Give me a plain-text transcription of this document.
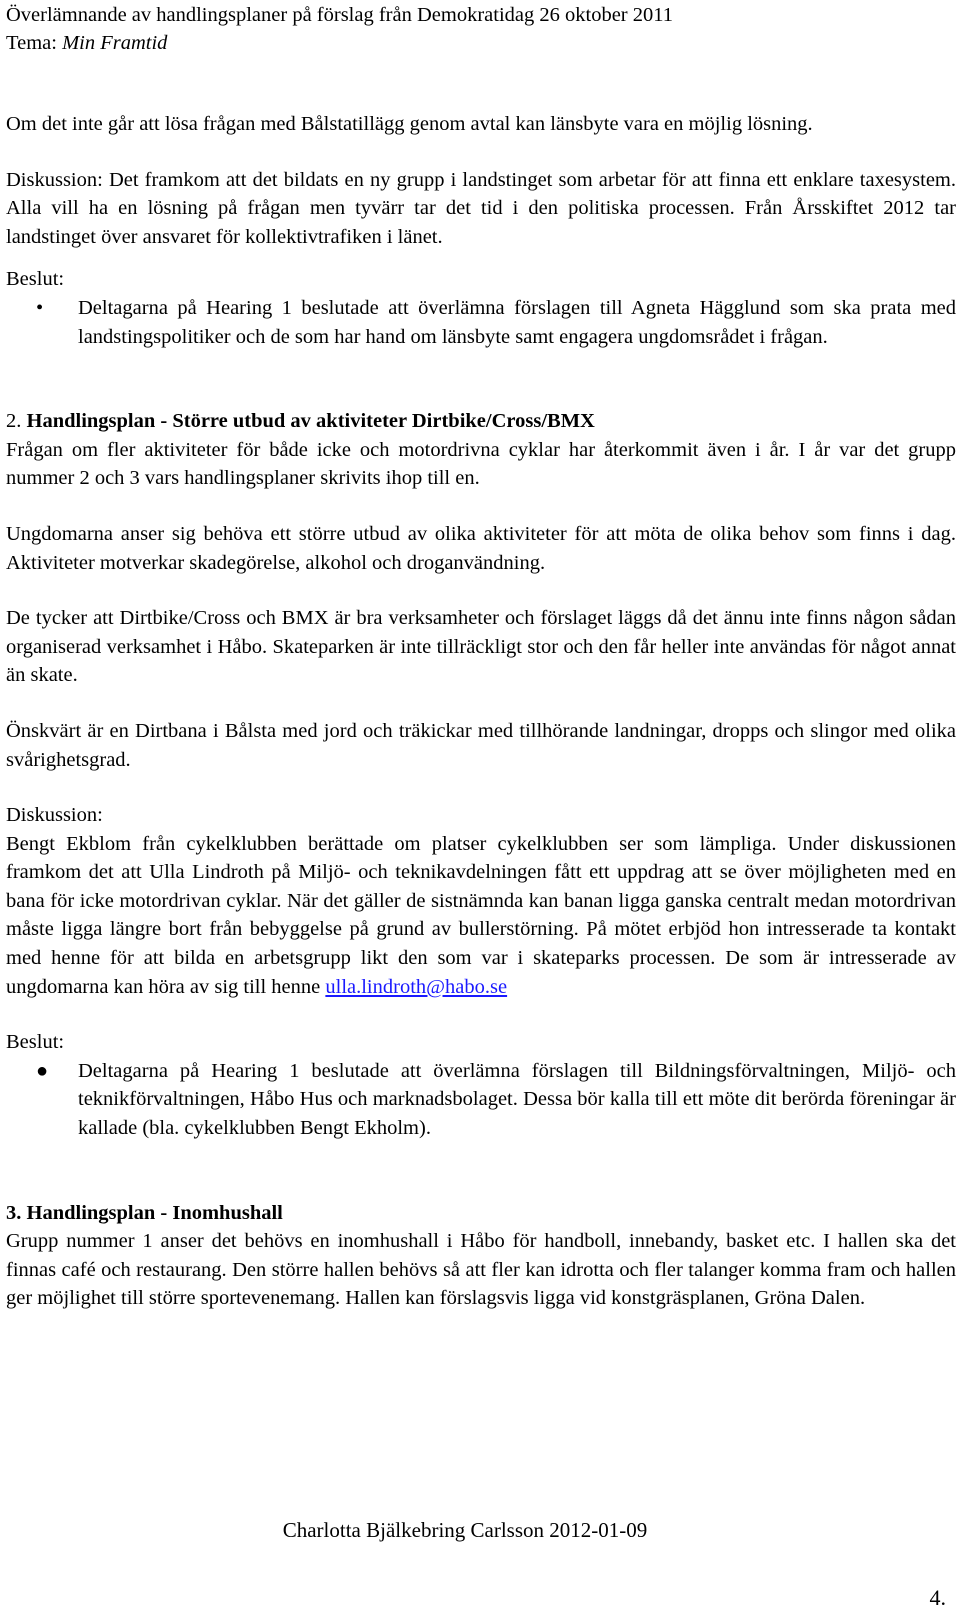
Överlämnande av handlingsplaner på förslag från Demokratidag 26 oktober 2011
Tema: Min Framtid

Om det inte går att lösa frågan med Bålstatillägg genom avtal kan länsbyte vara en möjlig lösning.

Diskussion: Det framkom att det bildats en ny grupp i landstinget som arbetar för att finna ett enklare taxesystem. Alla vill ha en lösning på frågan men tyvärr tar det tid i den politiska processen. Från Årsskiftet 2012 tar landstinget över ansvaret för kollektivtrafiken i länet.

Beslut:
• Deltagarna på Hearing 1 beslutade att överlämna förslagen till Agneta Hägglund som ska prata med landstingspolitiker och de som har hand om länsbyte samt engagera ungdomsrådet i frågan.
2. Handlingsplan - Större utbud av aktiviteter Dirtbike/Cross/BMX

Frågan om fler aktiviteter för både icke och motordrivna cyklar har återkommit även i år. I år var det grupp nummer 2 och 3 vars handlingsplaner skrivits ihop till en.

Ungdomarna anser sig behöva ett större utbud av olika aktiviteter för att möta de olika behov som finns i dag. Aktiviteter motverkar skadegörelse, alkohol och droganvändning.

De tycker att Dirtbike/Cross och BMX är bra verksamheter och förslaget läggs då det ännu inte finns någon sådan organiserad verksamhet i Håbo. Skateparken är inte tillräckligt stor och den får heller inte användas för något annat än skate.

Önskvärt är en Dirtbana i Bålsta med jord och träkickar med tillhörande landningar, dropps och slingor med olika svårighetsgrad.

Diskussion:

Bengt Ekblom från cykelklubben berättade om platser cykelklubben ser som lämpliga. Under diskussionen framkom det att Ulla Lindroth på Miljö- och teknikavdelningen fått ett uppdrag att se över möjligheten med en bana för icke motordrivan cyklar. När det gäller de sistnämnda kan banan ligga ganska centralt medan motordrivan måste ligga längre bort från bebyggelse på grund av bullerstörning. På mötet erbjöd hon intresserade ta kontakt med henne för att bilda en arbetsgrupp likt den som var i skateparks processen. De som är intresserade av ungdomarna kan höra av sig till henne ulla.lindroth@habo.se

Beslut:
● Deltagarna på Hearing 1 beslutade att överlämna förslagen till Bildningsförvaltningen, Miljö- och teknikförvaltningen, Håbo Hus och marknadsbolaget. Dessa bör kalla till ett möte dit berörda föreningar är kallade (bla. cykelklubben Bengt Ekholm).
3. Handlingsplan - Inomhushall

Grupp nummer 1 anser det behövs en inomhushall i Håbo för handboll, innebandy, basket etc. I hallen ska det finnas café och restaurang. Den större hallen behövs så att fler kan idrotta och fler talanger komma fram och hallen ger möjlighet till större sportevenemang. Hallen kan förslagsvis ligga vid konstgräsplanen, Gröna Dalen.

Charlotta Bjälkebring Carlsson 2012-01-09
4.
